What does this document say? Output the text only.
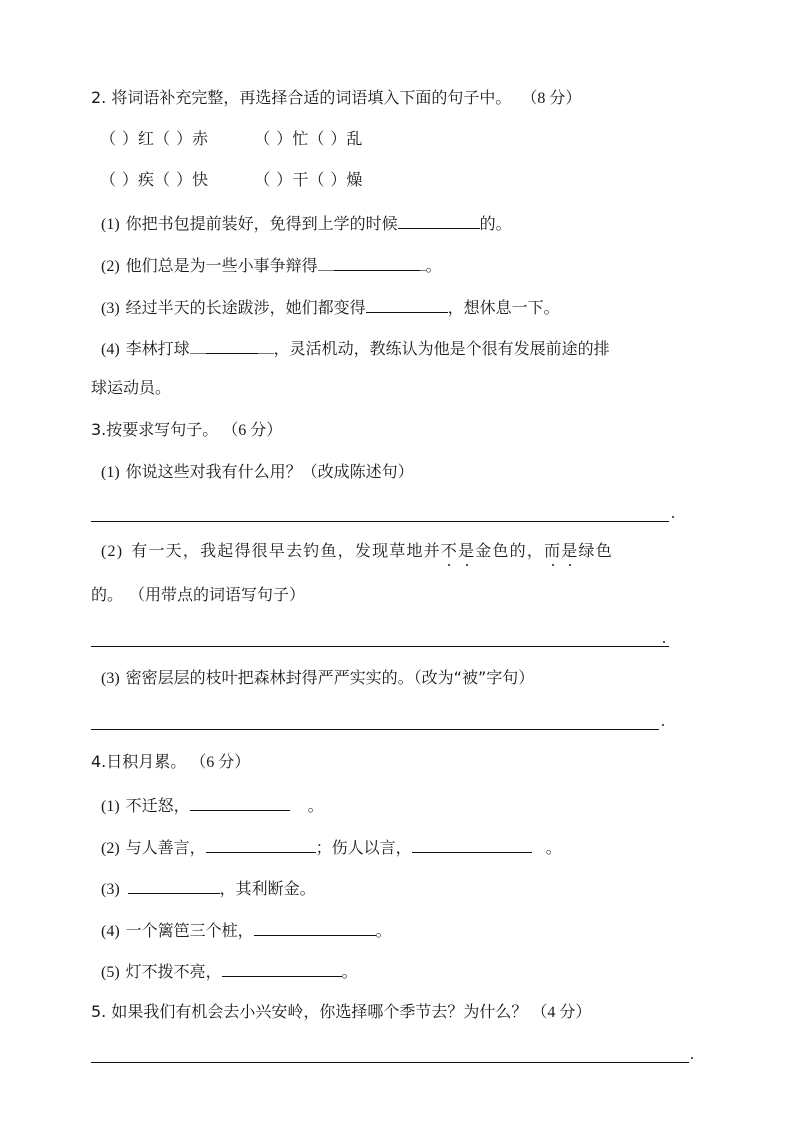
2. 将词语补充完整，再选择合适的词语填入下面的句子中。 （8 分）
（ ）红（ ）赤	（ ）忙（ ）乱
（ ）疾（ ）快	（ ）干（ ）燥
(1) 你把书包提前装好，免得到上学的时候	的。
(2) 他们总是为一些小事争辩得	。
(3) 经过半天的长途跋涉，她们都变得	，想休息一下。
(4) 李林打球	，灵活机动，教练认为他是个很有发展前途的排
球运动员。
3.按要求写句子。 （6 分）
(1) 你说这些对我有什么用？（改成陈述句）
(2) 有一天，我起得很早去钓鱼，发现草地并不是金色的，而是绿色
的。 （用带点的词语写句子）
(3) 密密层层的枝叶把森林封得严严实实的。（改为“被”字句）
4.日积月累。 （6 分）
(1) 不迁怒，	。
(2) 与人善言，	；伤人以言，	。
(3)	，其利断金。
(4) 一个篱笆三个桩，	。
(5) 灯不拨不亮，	。
5. 如果我们有机会去小兴安岭，你选择哪个季节去？为什么？ （4 分）
